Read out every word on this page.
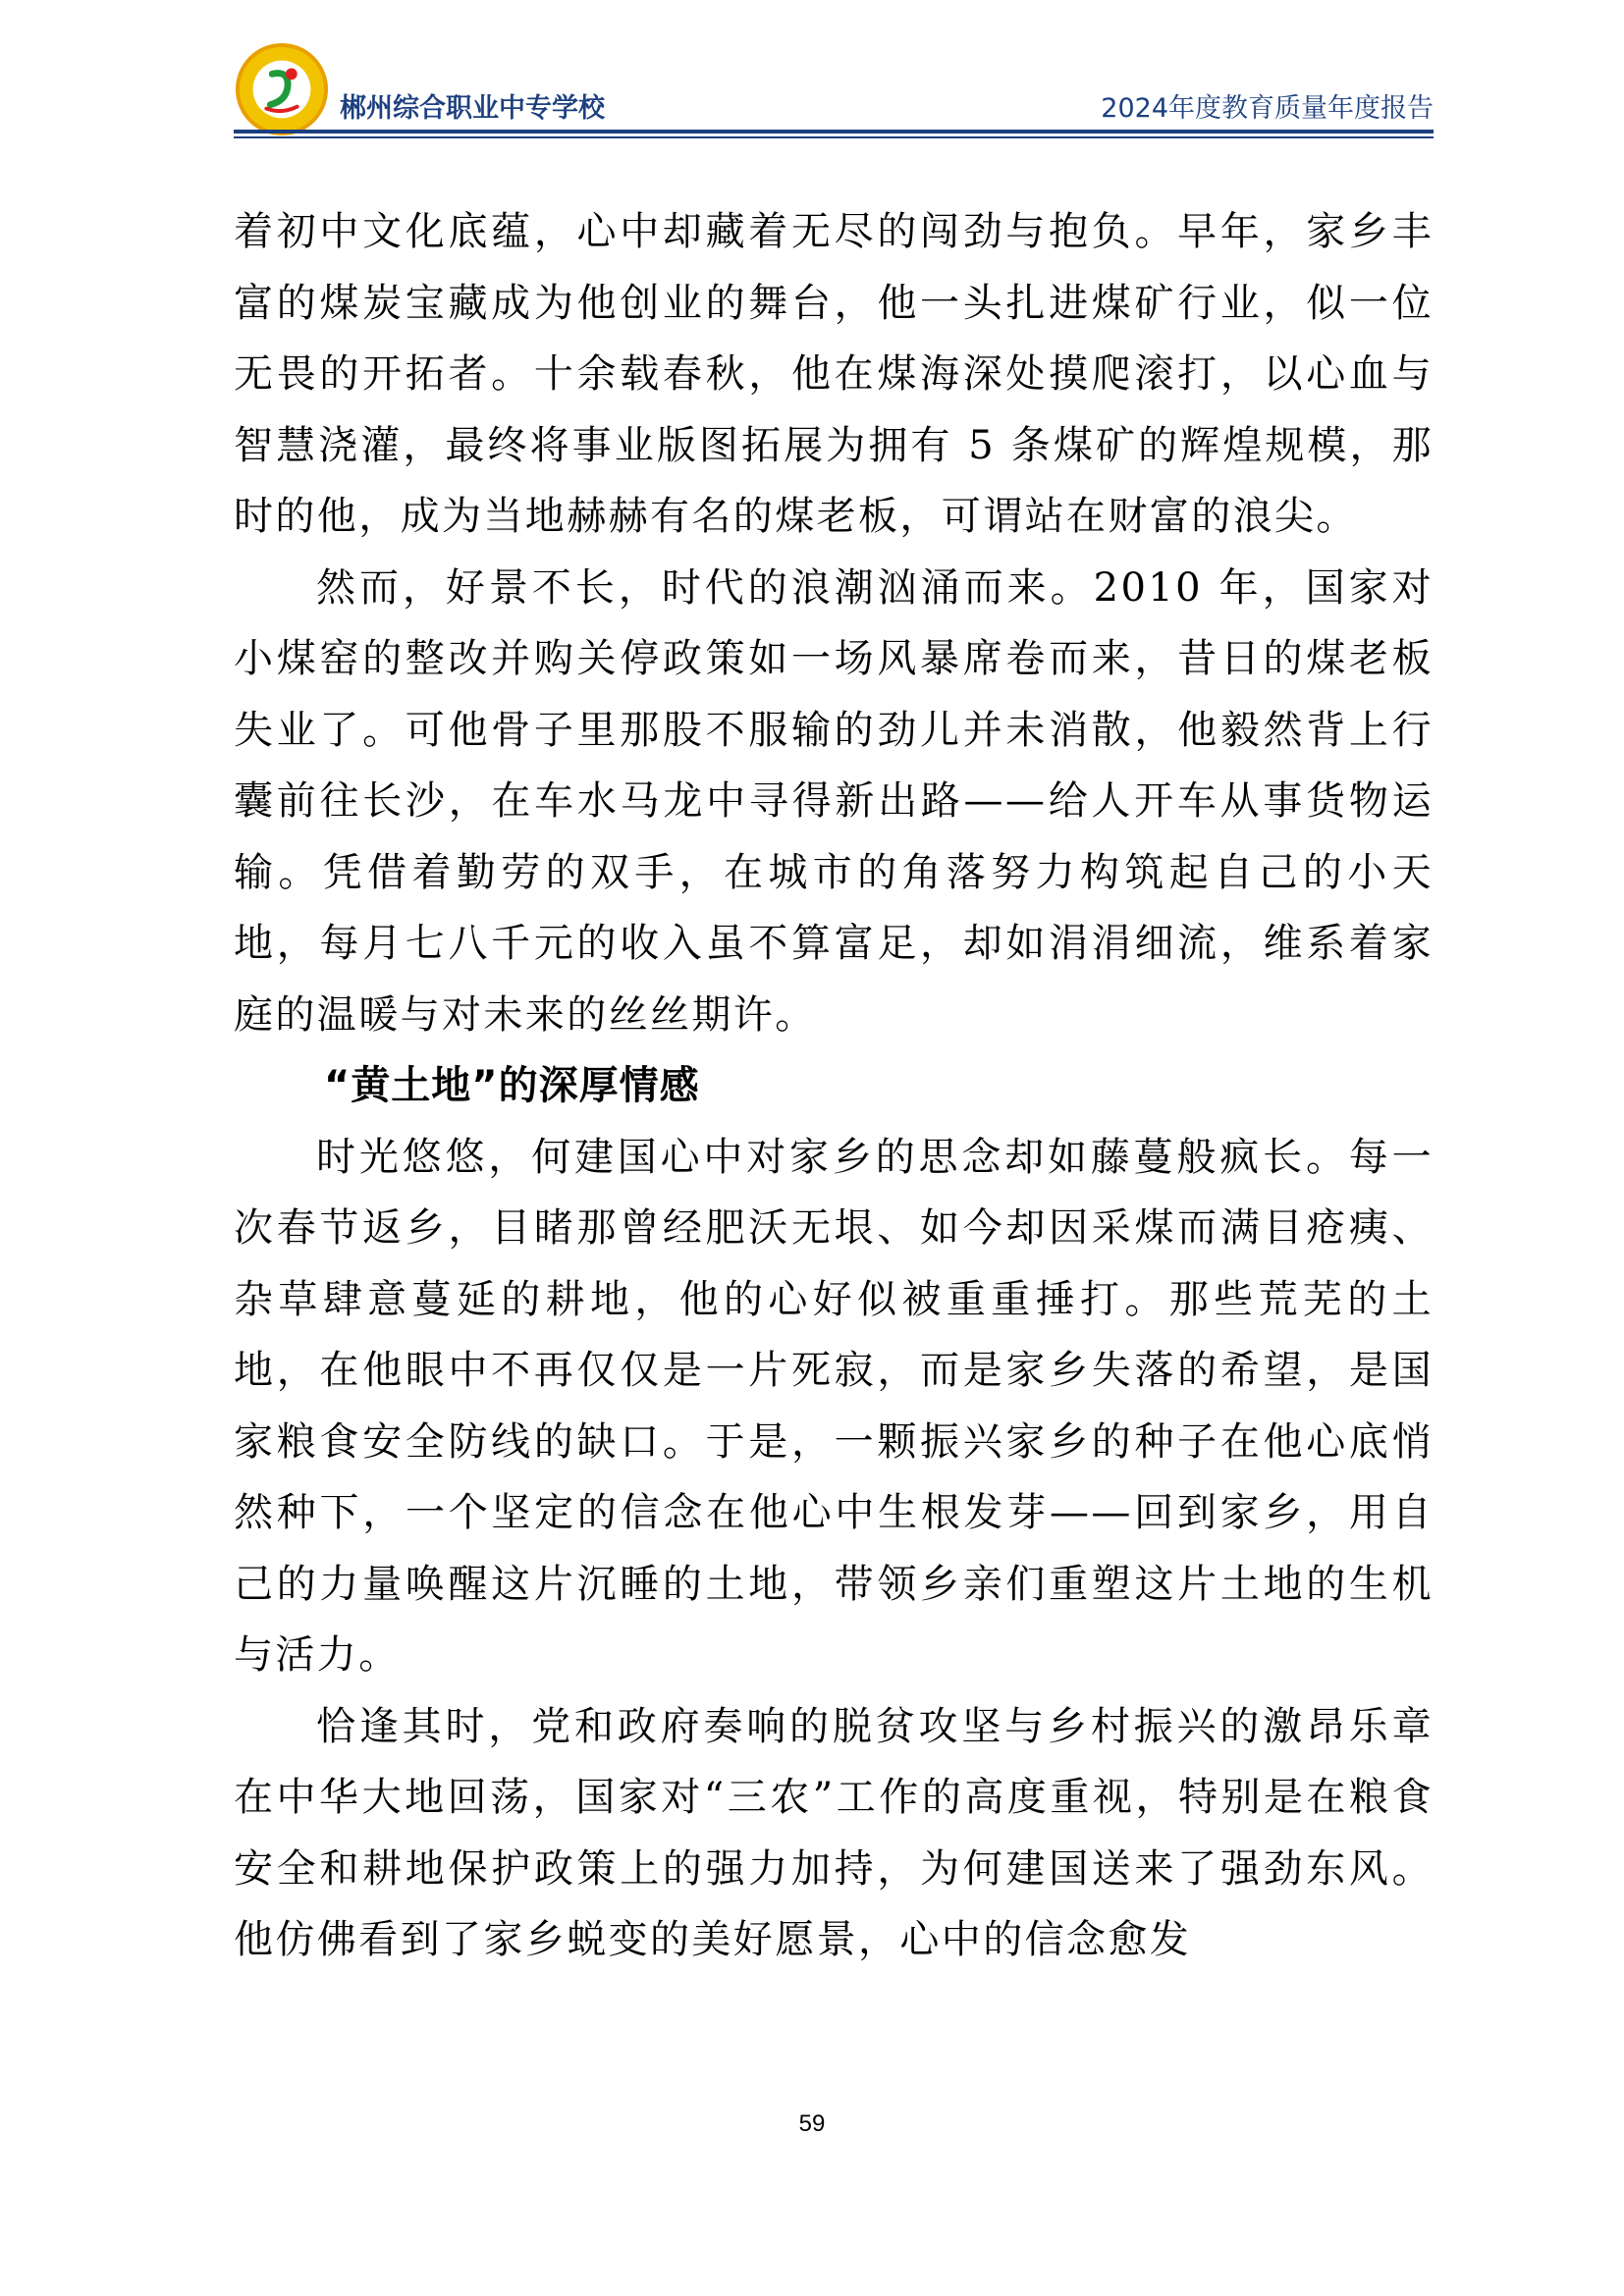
郴州综合职业中专学校	2024年度教育质量年度报告

着初中文化底蕴，心中却藏着无尽的闯劲与抱负。早年，家乡丰富的煤炭宝藏成为他创业的舞台，他一头扎进煤矿行业，似一位无畏的开拓者。十余载春秋，他在煤海深处摸爬滚打，以心血与智慧浇灌，最终将事业版图拓展为拥有 5 条煤矿的辉煌规模，那时的他，成为当地赫赫有名的煤老板，可谓站在财富的浪尖。

然而，好景不长，时代的浪潮汹涌而来。2010 年，国家对小煤窑的整改并购关停政策如一场风暴席卷而来，昔日的煤老板失业了。可他骨子里那股不服输的劲儿并未消散，他毅然背上行囊前往长沙，在车水马龙中寻得新出路——给人开车从事货物运输。凭借着勤劳的双手，在城市的角落努力构筑起自己的小天地，每月七八千元的收入虽不算富足，却如涓涓细流，维系着家庭的温暖与对未来的丝丝期许。

“黄土地”的深厚情感

时光悠悠，何建国心中对家乡的思念却如藤蔓般疯长。每一次春节返乡，目睹那曾经肥沃无垠、如今却因采煤而满目疮痍、杂草肆意蔓延的耕地，他的心好似被重重捶打。那些荒芜的土地，在他眼中不再仅仅是一片死寂，而是家乡失落的希望，是国家粮食安全防线的缺口。于是，一颗振兴家乡的种子在他心底悄然种下，一个坚定的信念在他心中生根发芽——回到家乡，用自己的力量唤醒这片沉睡的土地，带领乡亲们重塑这片土地的生机与活力。

恰逢其时，党和政府奏响的脱贫攻坚与乡村振兴的激昂乐章在中华大地回荡，国家对“三农”工作的高度重视，特别是在粮食安全和耕地保护政策上的强力加持，为何建国送来了强劲东风。他仿佛看到了家乡蜕变的美好愿景，心中的信念愈发

59
